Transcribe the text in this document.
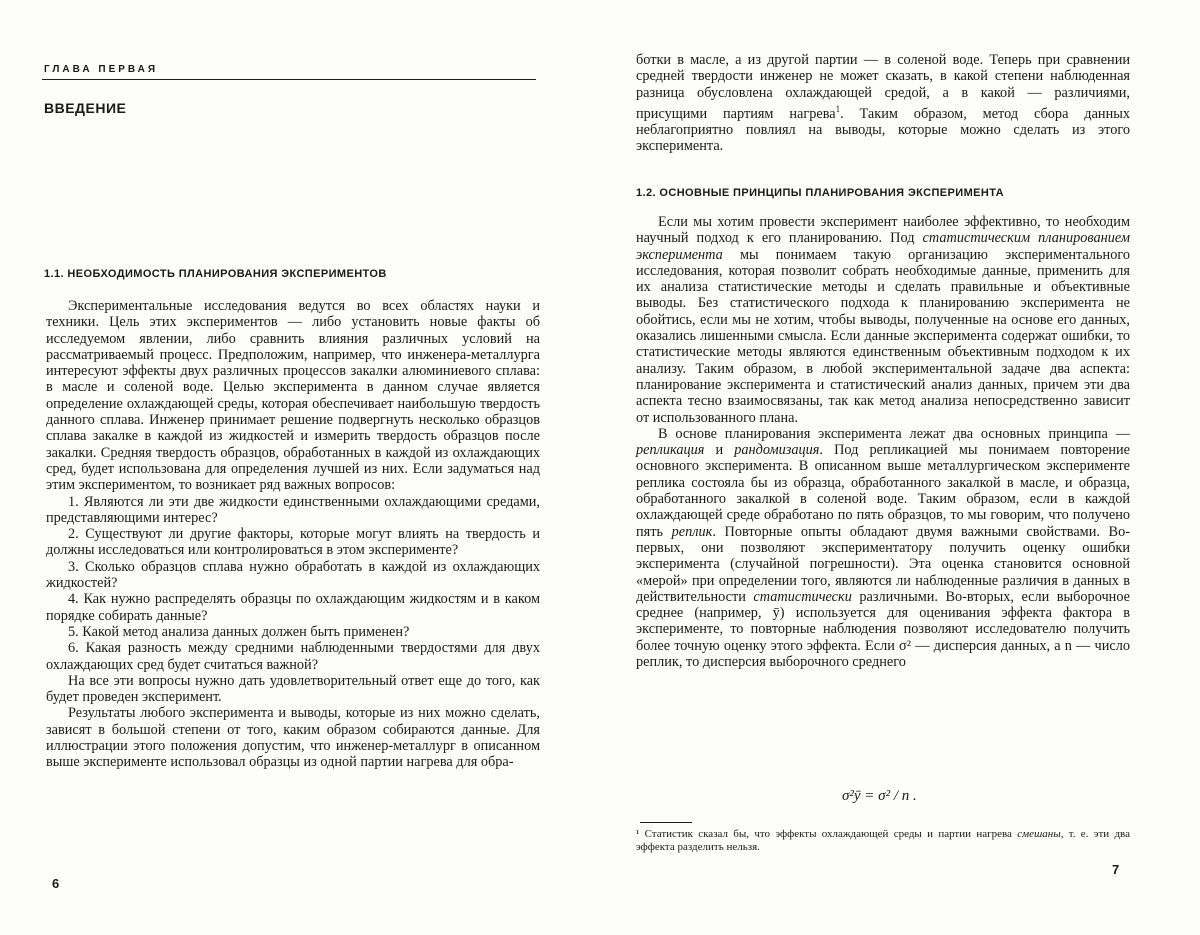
ГЛАВА ПЕРВАЯ
ВВЕДЕНИЕ
1.1. НЕОБХОДИМОСТЬ ПЛАНИРОВАНИЯ ЭКСПЕРИМЕНТОВ

Экспериментальные исследования ведутся во всех областях науки и техники. Цель этих экспериментов — либо установить новые факты об исследуемом явлении, либо сравнить влияния различных условий на рассматриваемый процесс. Предположим, например, что инженера-металлурга интересуют эффекты двух различных процессов закалки алюминиевого сплава: в масле и соленой воде. Целью эксперимента в данном случае является определение охлаждающей среды, которая обеспечивает наибольшую твердость данного сплава. Инженер принимает решение подвергнуть несколько образцов сплава закалке в каждой из жидкостей и измерить твердость образцов после закалки. Средняя твердость образцов, обработанных в каждой из охлаждающих сред, будет использована для определения лучшей из них. Если задуматься над этим экспериментом, то возникает ряд важных вопросов:

1. Являются ли эти две жидкости единственными охлаждающими средами, представляющими интерес?

2. Существуют ли другие факторы, которые могут влиять на твердость и должны исследоваться или контролироваться в этом эксперименте?

3. Сколько образцов сплава нужно обработать в каждой из охлаждающих жидкостей?

4. Как нужно распределять образцы по охлаждающим жидкостям и в каком порядке собирать данные?

5. Какой метод анализа данных должен быть применен?

6. Какая разность между средними наблюденными твердостями для двух охлаждающих сред будет считаться важной?

На все эти вопросы нужно дать удовлетворительный ответ еще до того, как будет проведен эксперимент.

Результаты любого эксперимента и выводы, которые из них можно сделать, зависят в большой степени от того, каким образом собираются данные. Для иллюстрации этого положения допустим, что инженер-металлург в описанном выше эксперименте использовал образцы из одной партии нагрева для обра-

6

ботки в масле, а из другой партии — в соленой воде. Теперь при сравнении средней твердости инженер не может сказать, в какой степени наблюденная разница обусловлена охлаждающей средой, а в какой — различиями, присущими партиям нагрева$^1$. Таким образом, метод сбора данных неблагоприятно повлиял на выводы, которые можно сделать из этого эксперимента.

1.2. ОСНОВНЫЕ ПРИНЦИПЫ ПЛАНИРОВАНИЯ ЭКСПЕРИМЕНТА

Если мы хотим провести эксперимент наиболее эффективно, то необходим научный подход к его планированию. Под статистическим планированием эксперимента мы понимаем такую организацию экспериментального исследования, которая позволит собрать необходимые данные, применить для их анализа статистические методы и сделать правильные и объективные выводы. Без статистического подхода к планированию эксперимента не обойтись, если мы не хотим, чтобы выводы, полученные на основе его данных, оказались лишенными смысла. Если данные эксперимента содержат ошибки, то статистические методы являются единственным объективным подходом к их анализу. Таким образом, в любой экспериментальной задаче два аспекта: планирование эксперимента и статистический анализ данных, причем эти два аспекта тесно взаимосвязаны, так как метод анализа непосредственно зависит от использованного плана.

В основе планирования эксперимента лежат два основных принципа — репликация и рандомизация. Под репликацией мы понимаем повторение основного эксперимента. В описанном выше металлургическом эксперименте реплика состояла бы из образца, обработанного закалкой в масле, и образца, обработанного закалкой в соленой воде. Таким образом, если в каждой охлаждающей среде обработано по пять образцов, то мы говорим, что получено пять реплик. Повторные опыты обладают двумя важными свойствами. Во-первых, они позволяют экспериментатору получить оценку ошибки эксперимента (случайной погрешности). Эта оценка становится основной «мерой» при определении того, являются ли наблюденные различия в данных в действительности статистически различными. Во-вторых, если выборочное среднее (например, ȳ) используется для оценивания эффекта фактора в эксперименте, то повторные наблюдения позволяют исследователю получить более точную оценку этого эффекта. Если σ² — дисперсия данных, а n — число реплик, то дисперсия выборочного среднего

σ²ȳ = σ² / n .

¹ Статистик сказал бы, что эффекты охлаждающей среды и партии нагрева смешаны, т. е. эти два эффекта разделить нельзя.

7
